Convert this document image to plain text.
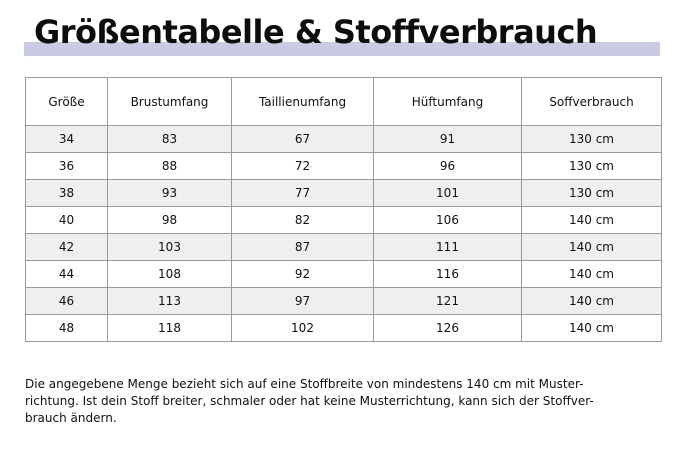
Größentabelle & Stoffverbrauch
Größe	Brustumfang	Taillienumfang	Hüftumfang	Soffverbrauch
34	83	67	91	130 cm
36	88	72	96	130 cm
38	93	77	101	130 cm
40	98	82	106	140 cm
42	103	87	111	140 cm
44	108	92	116	140 cm
46	113	97	121	140 cm
48	118	102	126	140 cm

Die angegebene Menge bezieht sich auf eine Stoffbreite von mindestens 140 cm mit Muster-
richtung. Ist dein Stoff breiter, schmaler oder hat keine Musterrichtung, kann sich der Stoffver-
brauch ändern.
